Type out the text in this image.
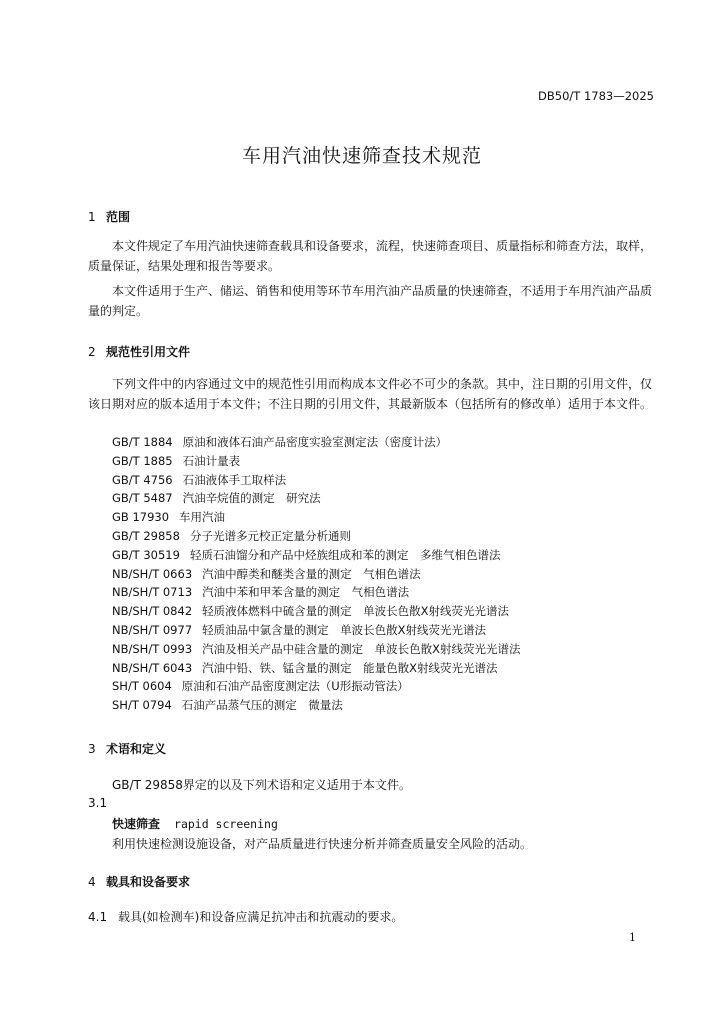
DB50/T 1783—2025
车用汽油快速筛查技术规范
1 范围
本文件规定了车用汽油快速筛查载具和设备要求，流程，快速筛查项目、质量指标和筛查方法，取样，质量保证，结果处理和报告等要求。
本文件适用于生产、储运、销售和使用等环节车用汽油产品质量的快速筛查，不适用于车用汽油产品质量的判定。
2 规范性引用文件
下列文件中的内容通过文中的规范性引用而构成本文件必不可少的条款。其中，注日期的引用文件，仅该日期对应的版本适用于本文件；不注日期的引用文件，其最新版本（包括所有的修改单）适用于本文件。
GB/T 1884 原油和液体石油产品密度实验室测定法（密度计法）
GB/T 1885 石油计量表
GB/T 4756 石油液体手工取样法
GB/T 5487 汽油辛烷值的测定　研究法
GB 17930 车用汽油
GB/T 29858 分子光谱多元校正定量分析通则
GB/T 30519 轻质石油馏分和产品中烃族组成和苯的测定　多维气相色谱法
NB/SH/T 0663 汽油中醇类和醚类含量的测定　气相色谱法
NB/SH/T 0713 汽油中苯和甲苯含量的测定　气相色谱法
NB/SH/T 0842 轻质液体燃料中硫含量的测定　单波长色散X射线荧光光谱法
NB/SH/T 0977 轻质油品中氯含量的测定　单波长色散X射线荧光光谱法
NB/SH/T 0993 汽油及相关产品中硅含量的测定　单波长色散X射线荧光光谱法
NB/SH/T 6043 汽油中铅、铁、锰含量的测定　能量色散X射线荧光光谱法
SH/T 0604 原油和石油产品密度测定法（U形振动管法）
SH/T 0794 石油产品蒸气压的测定　微量法
3 术语和定义
GB/T 29858界定的以及下列术语和定义适用于本文件。
3.1
快速筛查 rapid screening
利用快速检测设施设备，对产品质量进行快速分析并筛查质量安全风险的活动。
4 载具和设备要求
4.1 载具(如检测车)和设备应满足抗冲击和抗震动的要求。
1
